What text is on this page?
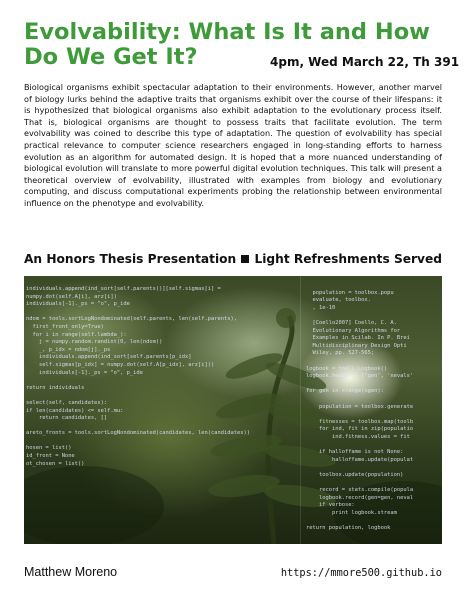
Evolvability: What Is It and How Do We Get It?	4pm, Wed March 22, Th 391

Biological organisms exhibit spectacular adaptation to their environments. However, another marvel of biology lurks behind the adaptive traits that organisms exhibit over the course of their lifespans: it is hypothesized that biological organisms also exhibit adaptation to the evolutionary process itself. That is, biological organisms are thought to possess traits that facilitate evolution. The term evolvability was coined to describe this type of adaptation. The question of evolvability has special practical relevance to computer science researchers engaged in long-standing efforts to harness evolution as an algorithm for automated design. It is hoped that a more nuanced understanding of biological evolution will translate to more powerful digital evolution techniques. This talk will present a theoretical overview of evolvability, illustrated with examples from biology and evolutionary computing, and discuss computational experiments probing the relationship between environmental influence on the phenotype and evolvability.

An Honors Thesis Presentation Light Refreshments Served
individuals.append(ind_sort[self.parents()][self.sigmas[i] =
numpy.dot(self.A[i], arz[i])
individuals[-1]._ps = "o", p_ide

ndom = tools.sortLogNondominated(self.parents, len(self.parents),
first_front_only=True)
for i in range(self.lambda_):
j = numpy.random.randint(0, len(ndom))
_, p_idx = ndom[j]._ps
individuals.append(ind_sort[self.parents[p_idx]
self.sigmas[p_idx] = numpy.dot(self.A[p_idx], arz[i]))
individuals[-1]._ps = "o", p_ide

return individuals

select(self, candidates):
if len(candidates) <= self.mu:
return candidates, []

areto_fronts = tools.sortLogNondominated(candidates, len(candidates))

hosen = list()
id_front = None
ot_chosen = list()

population = toolbox.popu
evaluate, toolbox.
, 1e-10

[Coello2007] Coello, C. A.
Evolutionary Algorithms for
Examples in Scilab. In P. Brei
Multidisciplinary Design Opti
Wiley, pp. 527-565;

logbook = tools.Logbook()
logbook.header = ['gen', 'nevals'

for gen in xrange(ngen):

population = toolbox.generate

fitnesses = toolbox.map(toolb
for ind, fit in zip(populatio
ind.fitness.values = fit

if halloffame is not None:
halloffame.update(populat

toolbox.update(population)

record = stats.compile(popula
logbook.record(gen=gen, neval
if verbose:
print logbook.stream

return population, logbook
Matthew Moreno	https://mmore500.github.io
